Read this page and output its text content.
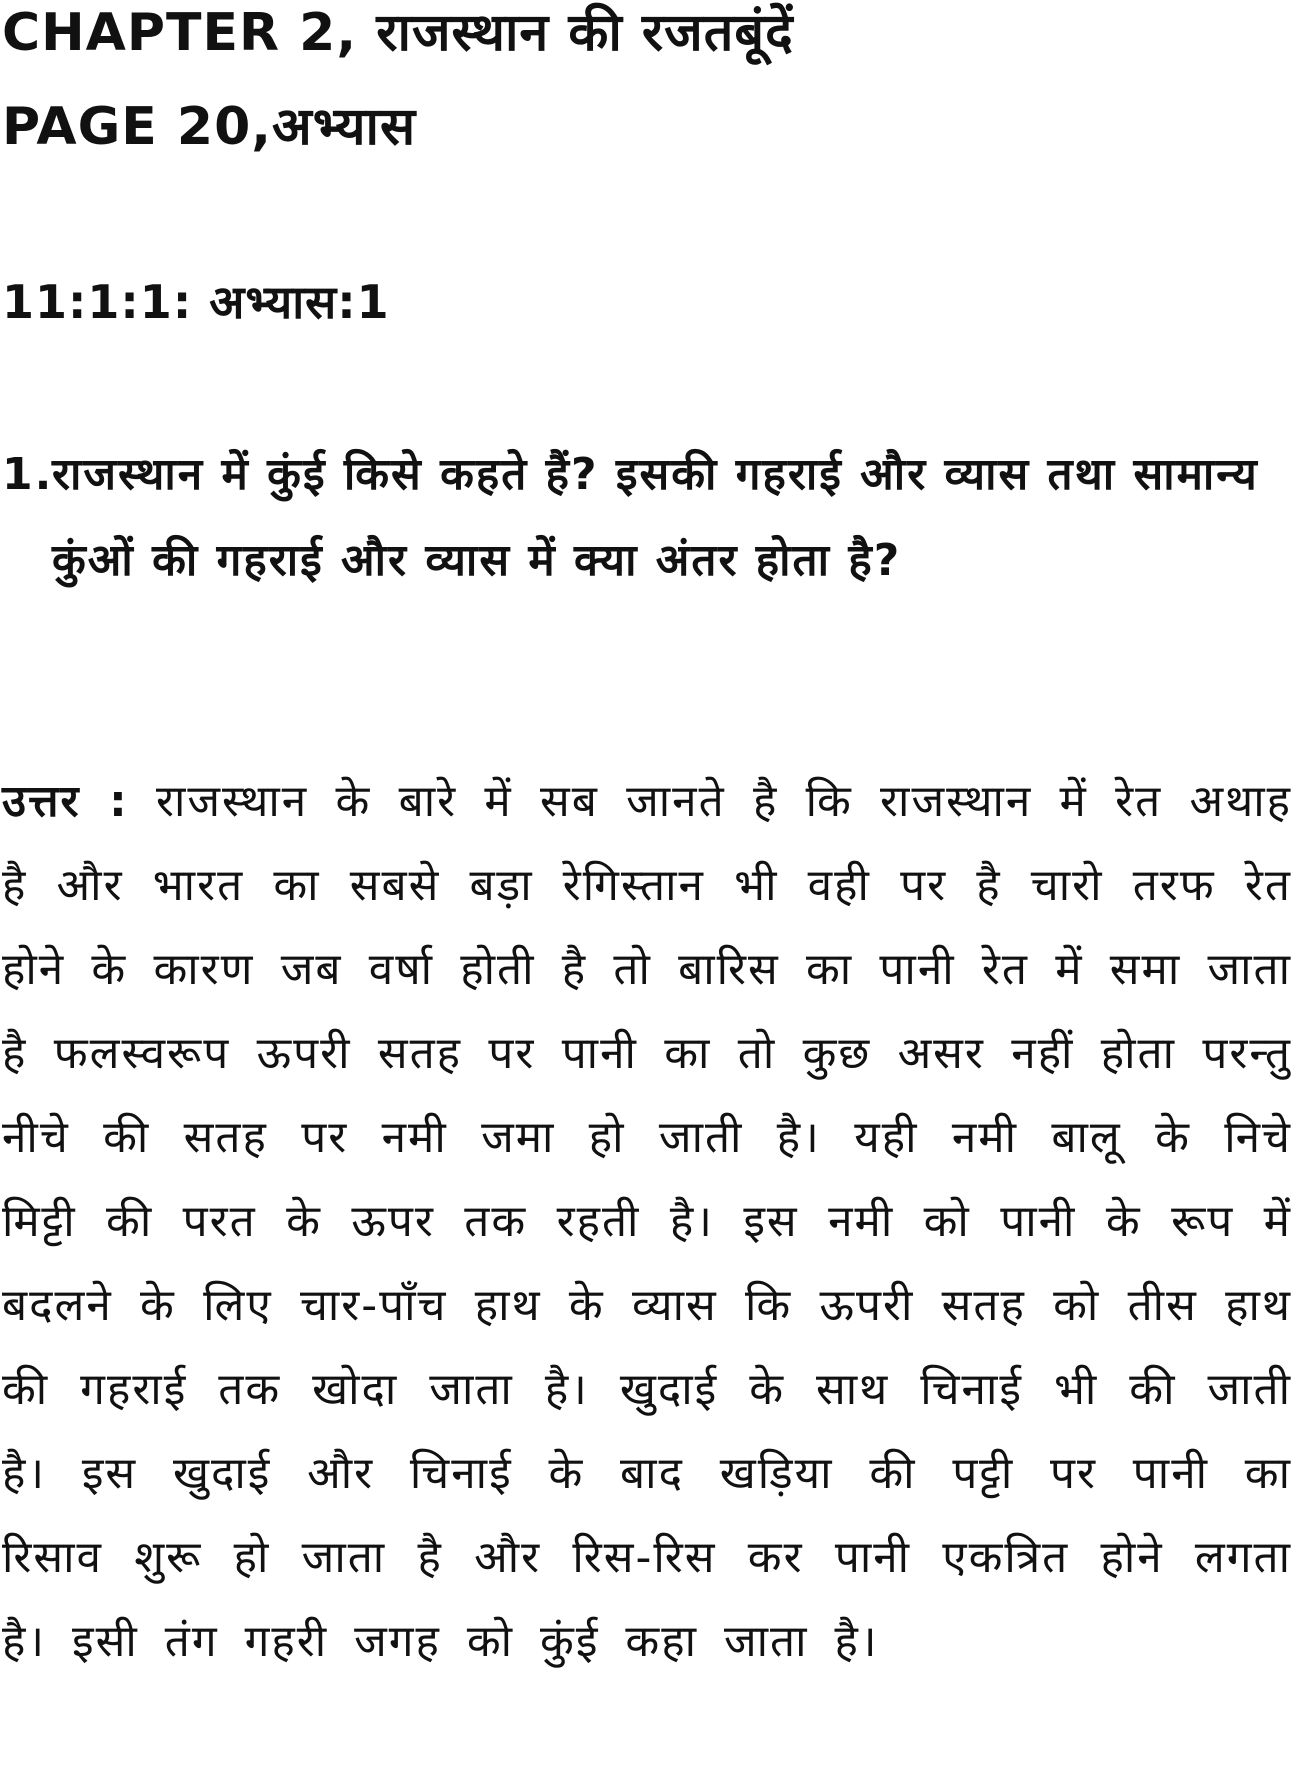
CHAPTER 2, राजस्थान की रजतबूंदें
PAGE 20,अभ्यास
11:1:1: अभ्यास:1
1.
राजस्थान में कुंई किसे कहते हैं? इसकी गहराई और व्यास तथा सामान्य कुंओं की गहराई और व्यास में क्या अंतर होता है?
उत्तर : राजस्थान के बारे में सब जानते है कि राजस्थान में रेत अथाह है और भारत का सबसे बड़ा रेगिस्तान भी वही पर है चारो तरफ रेत होने के कारण जब वर्षा होती है तो बारिस का पानी रेत में समा जाता है फलस्वरूप ऊपरी सतह पर पानी का तो कुछ असर नहीं होता परन्तु नीचे की सतह पर नमी जमा हो जाती है। यही नमी बालू के निचे मिट्टी की परत के ऊपर तक रहती है। इस नमी को पानी के रूप में बदलने के लिए चार-पाँच हाथ के व्यास कि ऊपरी सतह को तीस हाथ की गहराई तक खोदा जाता है। खुदाई के साथ चिनाई भी की जाती है। इस खुदाई और चिनाई के बाद खड़िया की पट्टी पर पानी का रिसाव शुरू हो जाता है और रिस-रिस कर पानी एकत्रित होने लगता है। इसी तंग गहरी जगह को कुंई कहा जाता है।
